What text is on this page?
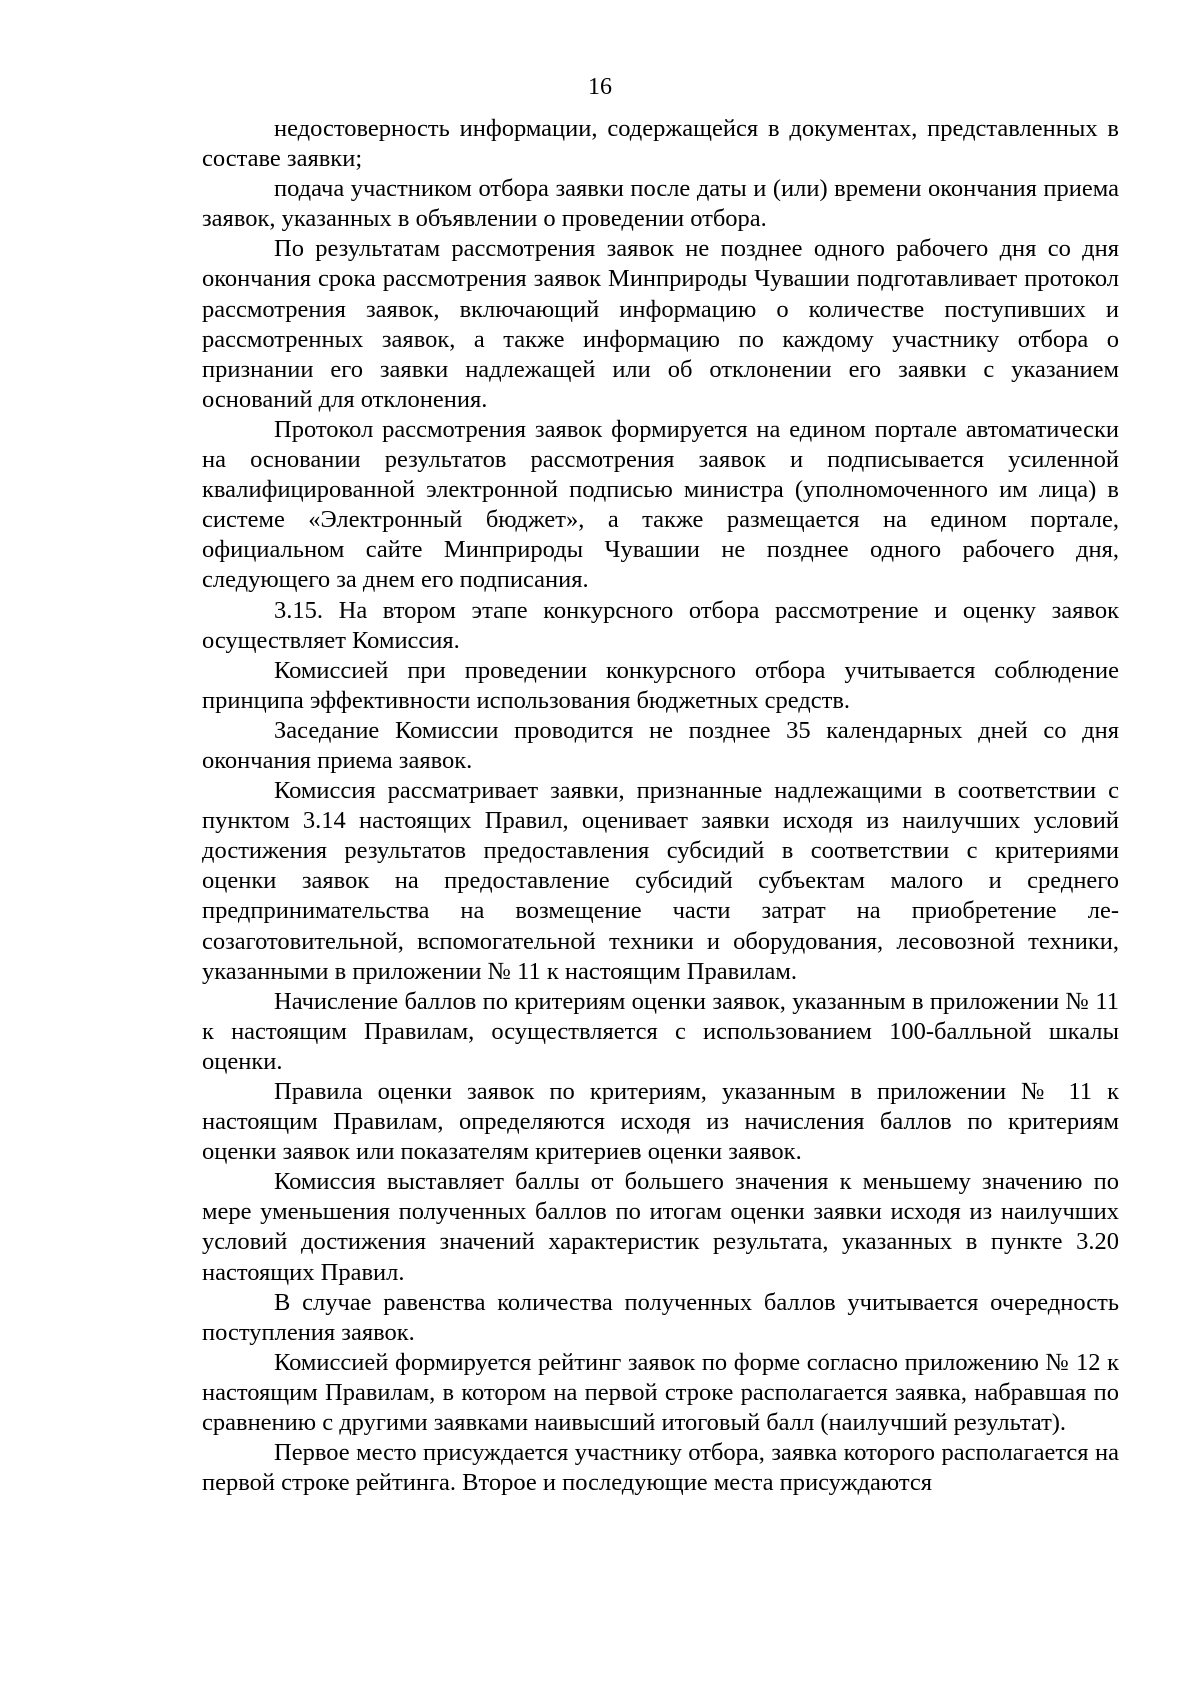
16

недостоверность информации, содержащейся в документах, представленных в составе заявки;

подача участником отбора заявки после даты и (или) времени окончания приема заявок, указанных в объявлении о проведении отбора.

По результатам рассмотрения заявок не позднее одного рабочего дня со дня окончания срока рассмотрения заявок Минприроды Чувашии подготавливает протокол рассмотрения заявок, включающий информацию о количестве поступивших и рассмотренных заявок, а также информацию по каждому участнику отбора о признании его заявки надлежащей или об отклонении его заявки с указанием оснований для отклонения.

Протокол рассмотрения заявок формируется на едином портале автоматически на основании результатов рассмотрения заявок и подписывается усиленной квалифицированной электронной подписью министра (уполномоченного им лица) в системе «Электронный бюджет», а также размещается на едином портале, официальном сайте Минприроды Чувашии не позднее одного рабочего дня, следующего за днем его подписания.

3.15. На втором этапе конкурсного отбора рассмотрение и оценку заявок осуществляет Комиссия.

Комиссией при проведении конкурсного отбора учитывается соблюдение принципа эффективности использования бюджетных средств.

Заседание Комиссии проводится не позднее 35 календарных дней со дня окончания приема заявок.

Комиссия рассматривает заявки, признанные надлежащими в соответствии с пунктом 3.14 настоящих Правил, оценивает заявки исходя из наилучших условий достижения результатов предоставления субсидий в соответствии с критериями оценки заявок на предоставление субсидий субъектам малого и среднего предпринимательства на возмещение части затрат на приобретение лесозаготовительной, вспомогательной техники и оборудования, лесовозной техники, указанными в приложении № 11 к настоящим Правилам.

Начисление баллов по критериям оценки заявок, указанным в приложении № 11 к настоящим Правилам, осуществляется с использованием 100-балльной шкалы оценки.

Правила оценки заявок по критериям, указанным в приложении № 11 к настоящим Правилам, определяются исходя из начисления баллов по критериям оценки заявок или показателям критериев оценки заявок.

Комиссия выставляет баллы от большего значения к меньшему значению по мере уменьшения полученных баллов по итогам оценки заявки исходя из наилучших условий достижения значений характеристик результата, указанных в пункте 3.20 настоящих Правил.

В случае равенства количества полученных баллов учитывается очередность поступления заявок.

Комиссией формируется рейтинг заявок по форме согласно приложению № 12 к настоящим Правилам, в котором на первой строке располагается заявка, набравшая по сравнению с другими заявками наивысший итоговый балл (наилучший результат).

Первое место присуждается участнику отбора, заявка которого располагается на первой строке рейтинга. Второе и последующие места присуждаются
